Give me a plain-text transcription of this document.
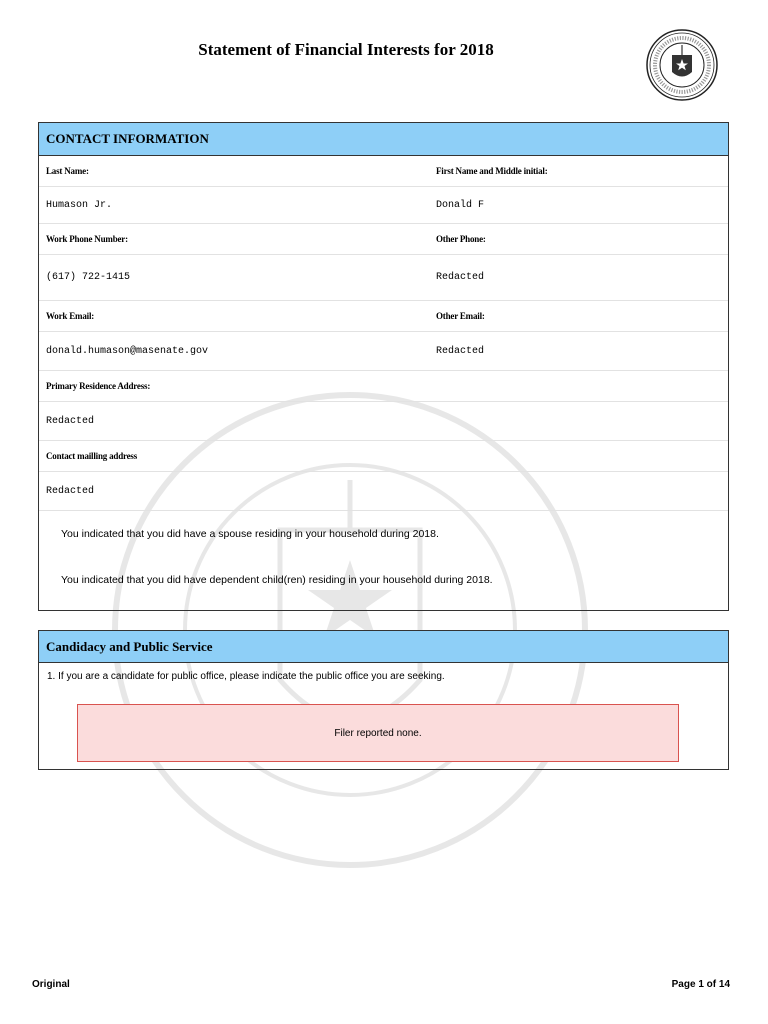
Statement of Financial Interests for 2018
CONTACT INFORMATION
Last Name:	First Name and Middle initial:
Humason Jr.	Donald F
Work Phone Number:	Other Phone:
(617) 722-1415	Redacted
Work Email:	Other Email:
donald.humason@masenate.gov	Redacted
Primary Residence Address:
Redacted
Contact mailling address
Redacted
You indicated that you did have a spouse residing in your household during 2018.
You indicated that you did have dependent child(ren) residing in your household during 2018.
Candidacy and Public Service
1. If you are a candidate for public office, please indicate the public office you are seeking.
Filer reported none.
Original	Page 1 of 14
